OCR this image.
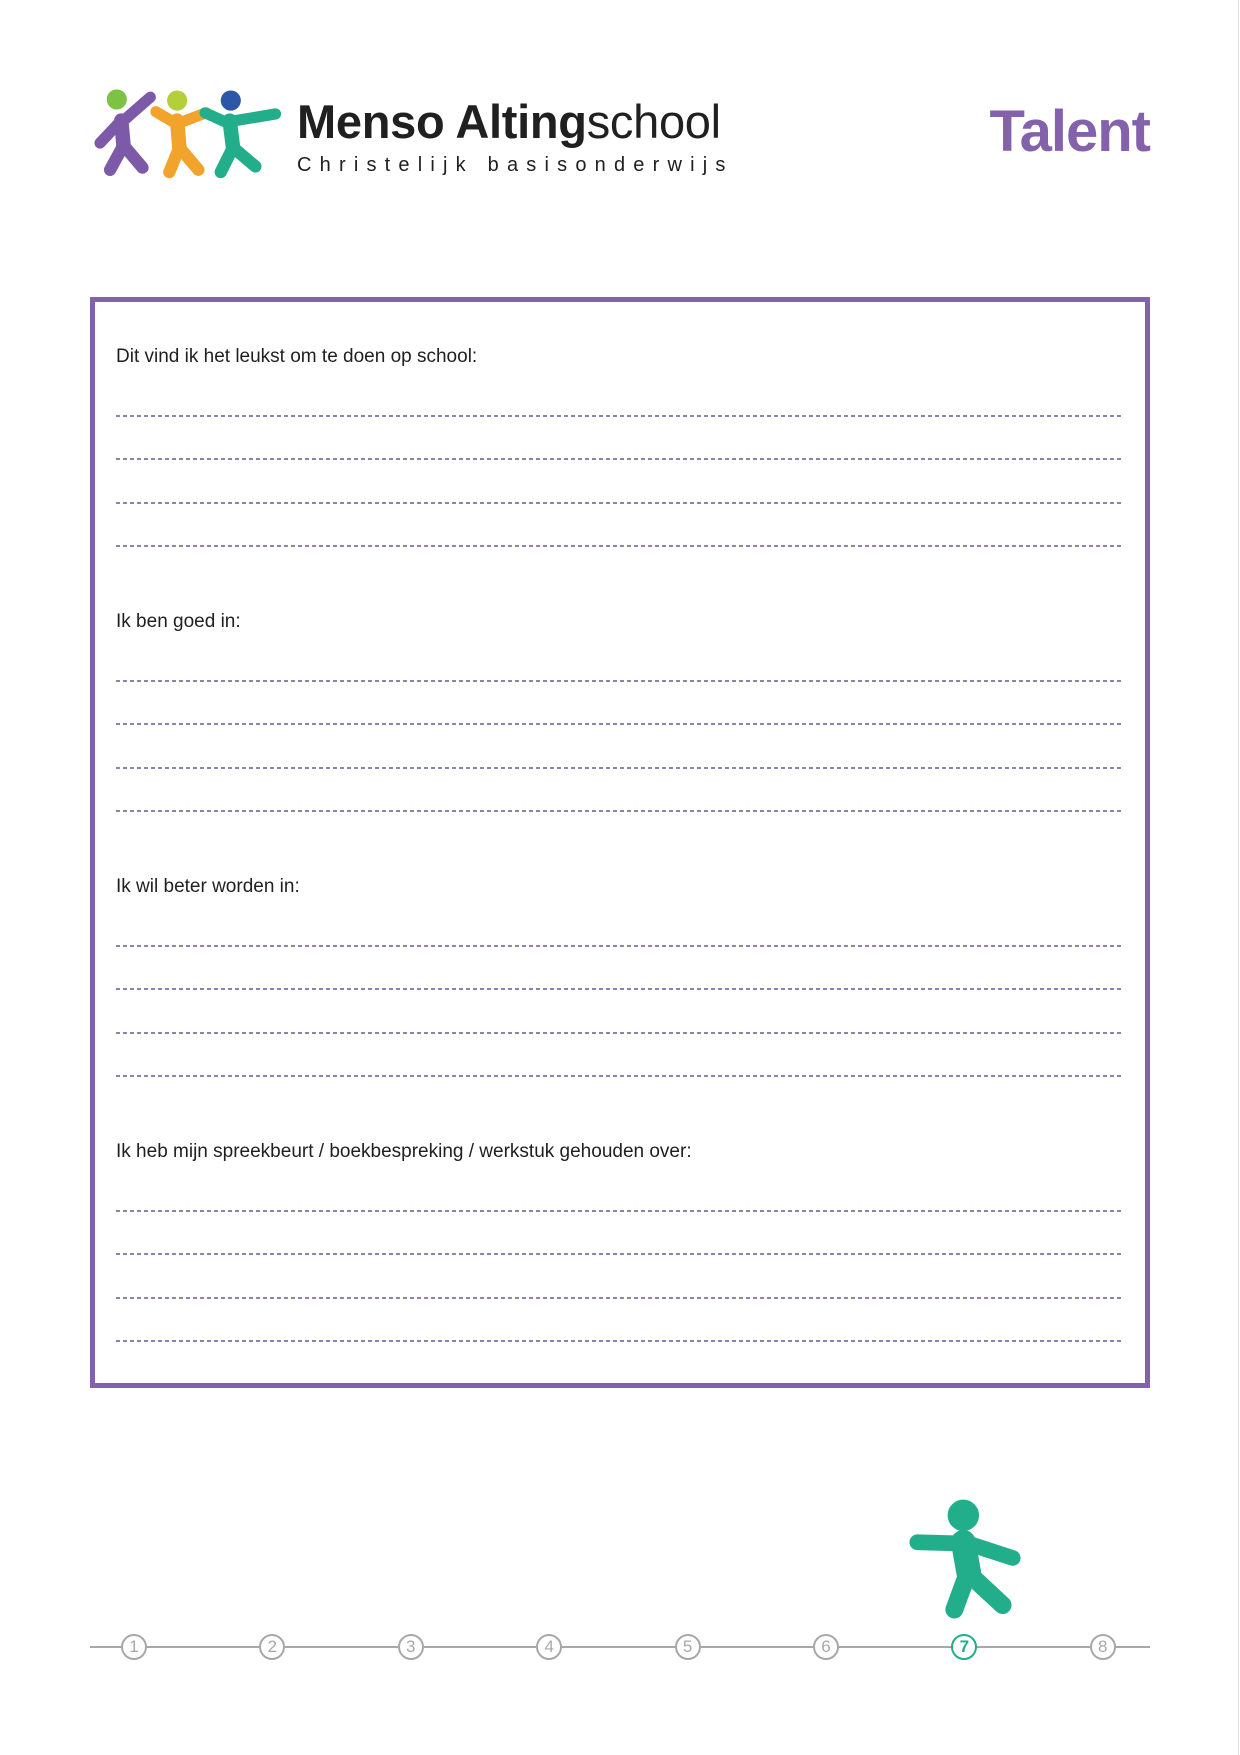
Menso Altingschool
Christelijk basisonderwijs
Talent
Dit vind ik het leukst om te doen op school:
Ik ben goed in:
Ik wil beter worden in:
Ik heb mijn spreekbeurt / boekbespreking / werkstuk gehouden over:
1	2	3	4	5	6	7	8
